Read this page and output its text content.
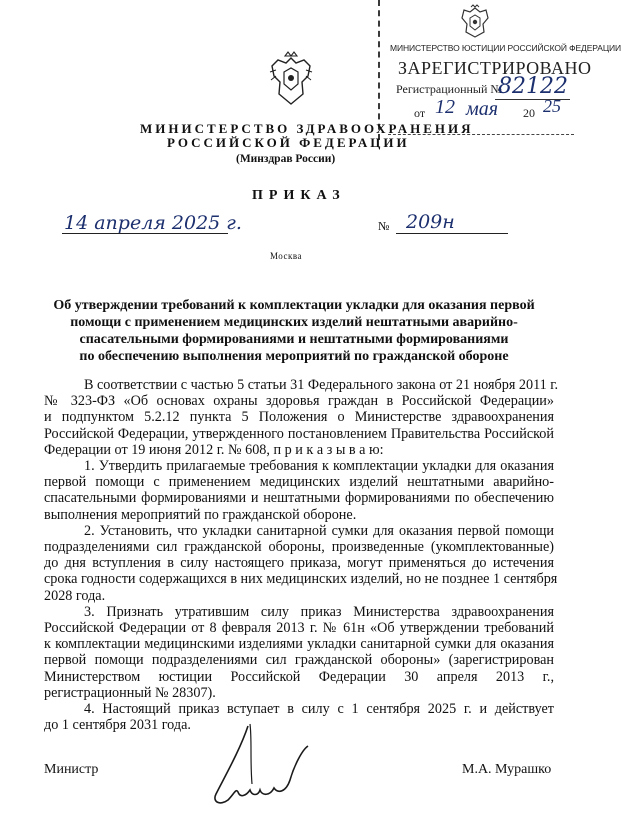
МИНИСТЕРСТВО ЮСТИЦИИ РОССИЙСКОЙ ФЕДЕРАЦИИ
ЗАРЕГИСТРИРОВАНО
Регистрационный №
82122
от 12 мая 20 25
МИНИСТЕРСТВО ЗДРАВООХРАНЕНИЯ
РОССИЙСКОЙ ФЕДЕРАЦИИ
(Минздрав России)
ПРИКАЗ
14 апреля 2025 г.	№ 209н
Москва
Об утверждении требований к комплектации укладки для оказания первой
помощи с применением медицинских изделий нештатными аварийно-
спасательными формированиями и нештатными формированиями
по обеспечению выполнения мероприятий по гражданской обороне
В соответствии с частью 5 статьи 31 Федерального закона от 21 ноября 2011 г.
№ 323-ФЗ «Об основах охраны здоровья граждан в Российской Федерации»
и подпунктом 5.2.12 пункта 5 Положения о Министерстве здравоохранения
Российской Федерации, утвержденного постановлением Правительства Российской
Федерации от 19 июня 2012 г. № 608, п р и к а з ы в а ю:
1. Утвердить прилагаемые требования к комплектации укладки для оказания
первой помощи с применением медицинских изделий нештатными аварийно-
спасательными формированиями и нештатными формированиями по обеспечению
выполнения мероприятий по гражданской обороне.
2. Установить, что укладки санитарной сумки для оказания первой помощи
подразделениями сил гражданской обороны, произведенные (укомплектованные)
до дня вступления в силу настоящего приказа, могут применяться до истечения
срока годности содержащихся в них медицинских изделий, но не позднее 1 сентября
2028 года.
3. Признать утратившим силу приказ Министерства здравоохранения
Российской Федерации от 8 февраля 2013 г. № 61н «Об утверждении требований
к комплектации медицинскими изделиями укладки санитарной сумки для оказания
первой помощи подразделениями сил гражданской обороны» (зарегистрирован
Министерством юстиции Российской Федерации 30 апреля 2013 г.,
регистрационный № 28307).
4. Настоящий приказ вступает в силу с 1 сентября 2025 г. и действует
до 1 сентября 2031 года.
Министр	М.А. Мурашко
